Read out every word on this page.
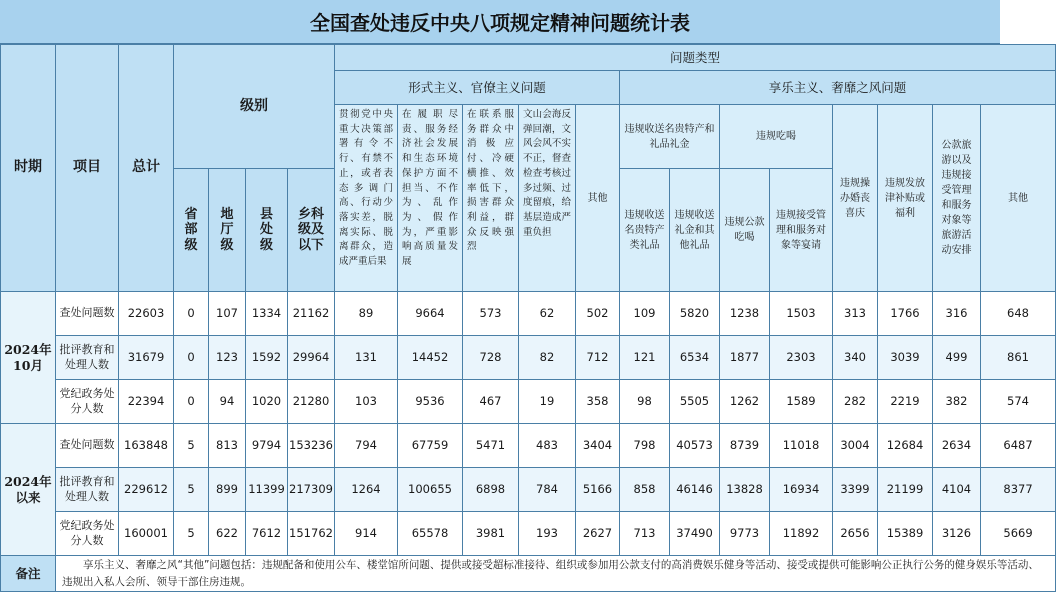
全国查处违反中央八项规定精神问题统计表
时期	项目	总计	级别				问题类型												
							形式主义、官僚主义问题					享乐主义、奢靡之风问题							
							贯彻党中央重大决策部署有令不行、有禁不止，或者表态多调门高、行动少落实差，脱离实际、脱离群众，造成严重后果	在履职尽责、服务经济社会发展和生态环境保护方面不担当、不作为、乱作为、假作为，严重影响高质量发展	在联系服务群众中消极应付、冷硬横推、效率低下，损害群众利益，群众反映强烈	文山会海反弹回潮，文风会风不实不正，督查检查考核过多过频、过度留痕，给基层造成严重负担	其他	违规收送名贵特产和礼品礼金		违规吃喝		违规操办婚丧喜庆	违规发放津补贴或福利	公款旅游以及违规接受管理和服务对象等旅游活动安排	其他
			省部级	地厅级	县处级	乡科级及以下						违规收送名贵特产类礼品	违规收送礼金和其他礼品	违规公款吃喝	违规接受管理和服务对象等宴请				

2024年10月	查处问题数	22603	0	107	1334	21162	89	9664	573	62	502	109	5820	1238	1503	313	1766	316	648
	批评教育和处理人数	31679	0	123	1592	29964	131	14452	728	82	712	121	6534	1877	2303	340	3039	499	861
	党纪政务处分人数	22394	0	94	1020	21280	103	9536	467	19	358	98	5505	1262	1589	282	2219	382	574
2024年以来	查处问题数	163848	5	813	9794	153236	794	67759	5471	483	3404	798	40573	8739	11018	3004	12684	2634	6487
	批评教育和处理人数	229612	5	899	11399	217309	1264	100655	6898	784	5166	858	46146	13828	16934	3399	21199	4104	8377
	党纪政务处分人数	160001	5	622	7612	151762	914	65578	3981	193	2627	713	37490	9773	11892	2656	15389	3126	5669
备注	享乐主义、奢靡之风“其他”问题包括：违规配备和使用公车、楼堂馆所问题、提供或接受超标准接待、组织或参加用公款支付的高消费娱乐健身等活动、接受或提供可能影响公正执行公务的健身娱乐等活动、违规出入私人会所、领导干部住房违规。																		
